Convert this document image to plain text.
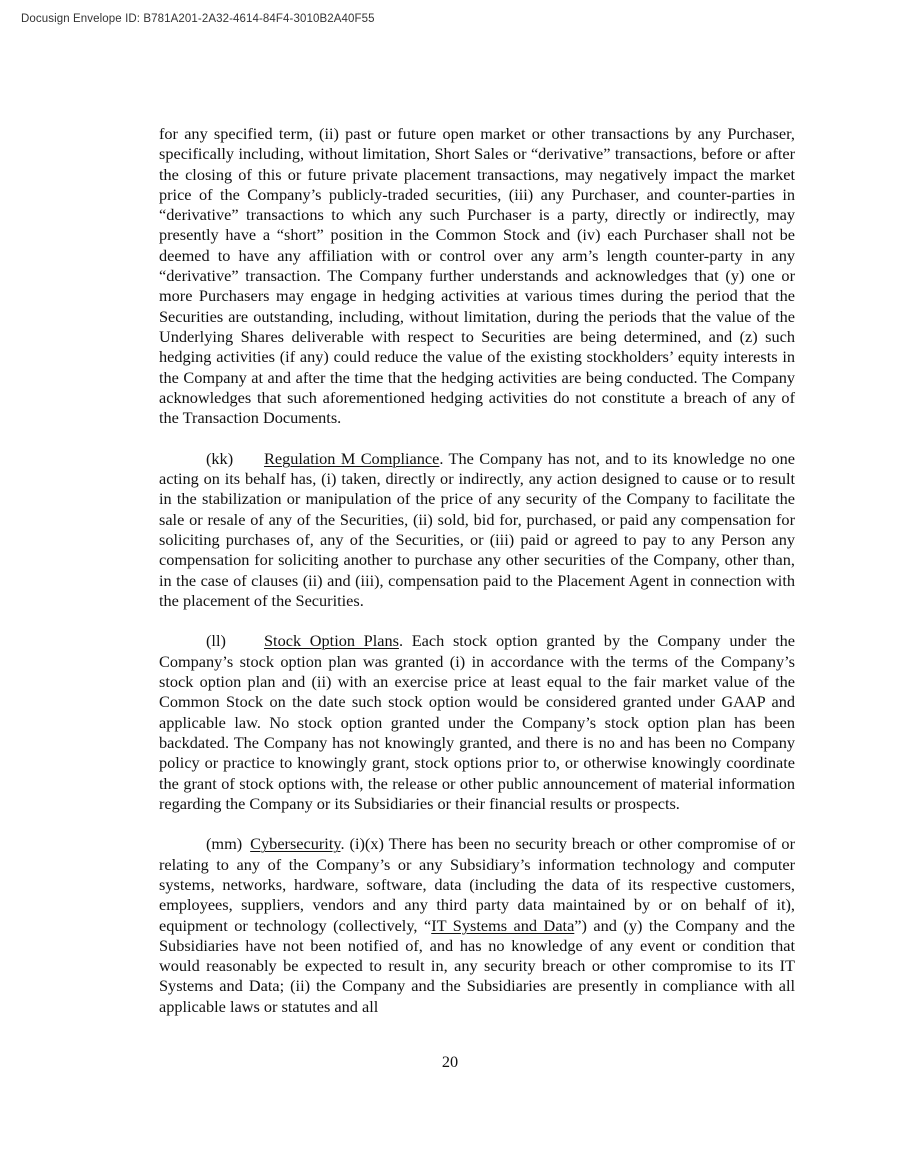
Docusign Envelope ID: B781A201-2A32-4614-84F4-3010B2A40F55

for any specified term, (ii) past or future open market or other transactions by any Purchaser, specifically including, without limitation, Short Sales or “derivative” transactions, before or after the closing of this or future private placement transactions, may negatively impact the market price of the Company’s publicly-traded securities, (iii) any Purchaser, and counter-parties in “derivative” transactions to which any such Purchaser is a party, directly or indirectly, may presently have a “short” position in the Common Stock and (iv) each Purchaser shall not be deemed to have any affiliation with or control over any arm’s length counter-party in any “derivative” transaction. The Company further understands and acknowledges that (y) one or more Purchasers may engage in hedging activities at various times during the period that the Securities are outstanding, including, without limitation, during the periods that the value of the Underlying Shares deliverable with respect to Securities are being determined, and (z) such hedging activities (if any) could reduce the value of the existing stockholders’ equity interests in the Company at and after the time that the hedging activities are being conducted. The Company acknowledges that such aforementioned hedging activities do not constitute a breach of any of the Transaction Documents.

(kk) Regulation M Compliance. The Company has not, and to its knowledge no one acting on its behalf has, (i) taken, directly or indirectly, any action designed to cause or to result in the stabilization or manipulation of the price of any security of the Company to facilitate the sale or resale of any of the Securities, (ii) sold, bid for, purchased, or paid any compensation for soliciting purchases of, any of the Securities, or (iii) paid or agreed to pay to any Person any compensation for soliciting another to purchase any other securities of the Company, other than, in the case of clauses (ii) and (iii), compensation paid to the Placement Agent in connection with the placement of the Securities.

(ll) Stock Option Plans. Each stock option granted by the Company under the Company’s stock option plan was granted (i) in accordance with the terms of the Company’s stock option plan and (ii) with an exercise price at least equal to the fair market value of the Common Stock on the date such stock option would be considered granted under GAAP and applicable law. No stock option granted under the Company’s stock option plan has been backdated. The Company has not knowingly granted, and there is no and has been no Company policy or practice to knowingly grant, stock options prior to, or otherwise knowingly coordinate the grant of stock options with, the release or other public announcement of material information regarding the Company or its Subsidiaries or their financial results or prospects.

(mm) Cybersecurity. (i)(x) There has been no security breach or other compromise of or relating to any of the Company’s or any Subsidiary’s information technology and computer systems, networks, hardware, software, data (including the data of its respective customers, employees, suppliers, vendors and any third party data maintained by or on behalf of it), equipment or technology (collectively, “IT Systems and Data”) and (y) the Company and the Subsidiaries have not been notified of, and has no knowledge of any event or condition that would reasonably be expected to result in, any security breach or other compromise to its IT Systems and Data; (ii) the Company and the Subsidiaries are presently in compliance with all applicable laws or statutes and all

20
